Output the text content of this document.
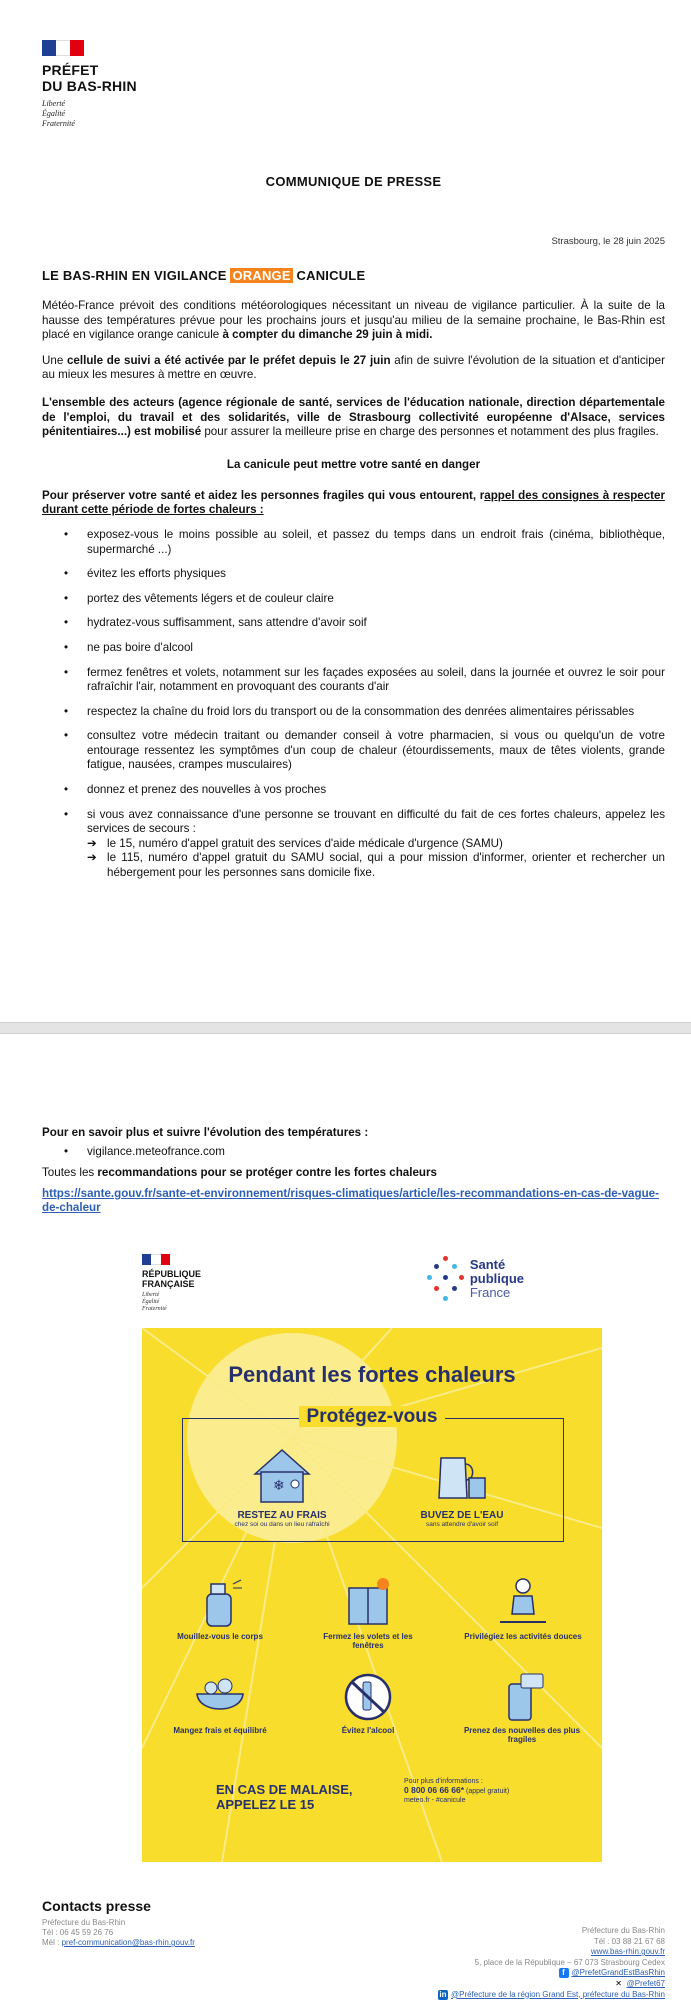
PRÉFET
DU BAS-RHIN
Liberté
Égalité
Fraternité
COMMUNIQUE DE PRESSE
Strasbourg, le 28 juin 2025
LE BAS-RHIN EN VIGILANCE ORANGE CANICULE

Météo-France prévoit des conditions météorologiques nécessitant un niveau de vigilance particulier. À la suite de la hausse des températures prévue pour les prochains jours et jusqu'au milieu de la semaine prochaine, le Bas-Rhin est placé en vigilance orange canicule à compter du dimanche 29 juin à midi.

Une cellule de suivi a été activée par le préfet depuis le 27 juin afin de suivre l'évolution de la situation et d'anticiper au mieux les mesures à mettre en œuvre.

L'ensemble des acteurs (agence régionale de santé, services de l'éducation nationale, direction départementale de l'emploi, du travail et des solidarités, ville de Strasbourg collectivité européenne d'Alsace, services pénitentiaires...) est mobilisé pour assurer la meilleure prise en charge des personnes et notamment des plus fragiles.

La canicule peut mettre votre santé en danger

Pour préserver votre santé et aidez les personnes fragiles qui vous entourent, rappel des consignes à respecter durant cette période de fortes chaleurs :

• exposez-vous le moins possible au soleil, et passez du temps dans un endroit frais (cinéma, bibliothèque, supermarché ...)
• évitez les efforts physiques
• portez des vêtements légers et de couleur claire
• hydratez-vous suffisamment, sans attendre d'avoir soif
• ne pas boire d'alcool
• fermez fenêtres et volets, notamment sur les façades exposées au soleil, dans la journée et ouvrez le soir pour rafraîchir l'air, notamment en provoquant des courants d'air
• respectez la chaîne du froid lors du transport ou de la consommation des denrées alimentaires périssables
• consultez votre médecin traitant ou demander conseil à votre pharmacien, si vous ou quelqu'un de votre entourage ressentez les symptômes d'un coup de chaleur (étourdissements, maux de têtes violents, grande fatigue, nausées, crampes musculaires)
• donnez et prenez des nouvelles à vos proches
• si vous avez connaissance d'une personne se trouvant en difficulté du fait de ces fortes chaleurs, appelez les services de secours :
➔ le 15, numéro d'appel gratuit des services d'aide médicale d'urgence (SAMU)
➔ le 115, numéro d'appel gratuit du SAMU social, qui a pour mission d'informer, orienter et rechercher un hébergement pour les personnes sans domicile fixe.
Pour en savoir plus et suivre l'évolution des températures :
• vigilance.meteofrance.com
Toutes les recommandations pour se protéger contre les fortes chaleurs
https://sante.gouv.fr/sante-et-environnement/risques-climatiques/article/les-recommandations-en-cas-de-vague-de-chaleur
RÉPUBLIQUE
FRANÇAISE
Liberté
Égalité
Fraternité
Santé
publique
France
Pendant les fortes chaleurs
Protégez-vous
❄
RESTEZ AU FRAIS
chez soi ou dans un lieu rafraîchi
BUVEZ DE L'EAU
sans attendre d'avoir soif
Mouillez-vous le corps	Fermez les volets et les fenêtres
Privilégiez les activités douces
Mangez frais et équilibré	Évitez l'alcool	Prenez des nouvelles des plus fragiles
EN CAS DE MALAISE,
APPELEZ LE 15
Pour plus d'informations :
0 800 06 66 66* (appel gratuit)
meteo.fr - #canicule
Contacts presse
Préfecture du Bas-Rhin
Tél : 06 45 59 26 76
Mél : pref-communication@bas-rhin.gouv.fr
Préfecture du Bas-Rhin
Tél : 03 88 21 67 68
www.bas-rhin.gouv.fr
5, place de la République – 67 073 Strasbourg Cedex
f @PrefetGrandEstBasRhin

✕ @Prefet67

in @Préfecture de la région Grand Est, préfecture du Bas-Rhin
